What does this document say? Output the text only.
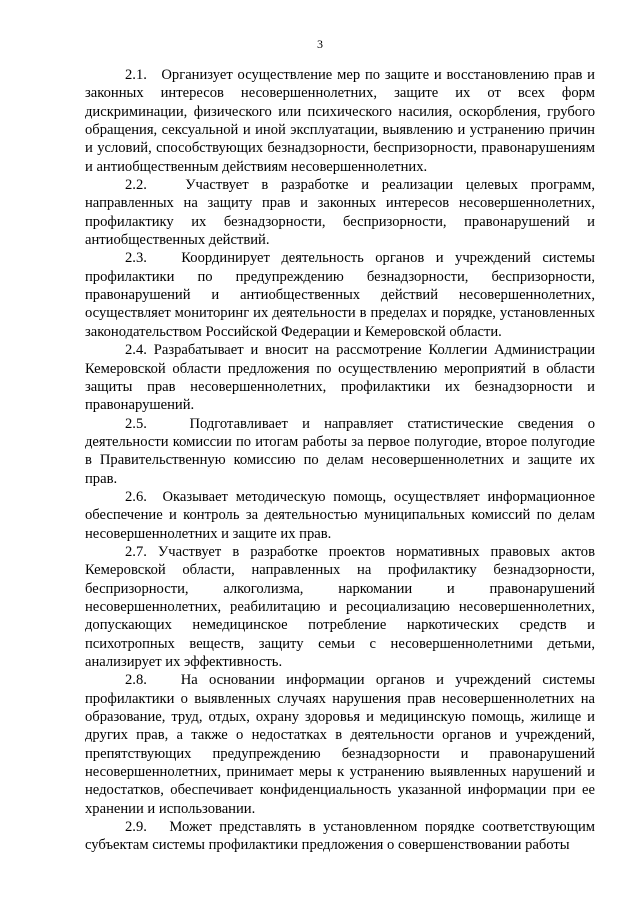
3

2.1.   Организует осуществление мер по защите и восстановлению прав и законных интересов несовершеннолетних, защите их от всех форм дискриминации, физического или психического насилия, оскорбления, грубого обращения, сексуальной и иной эксплуатации, выявлению и устранению причин и условий, способствующих безнадзорности, беспризорности, правонарушениям и антиобщественным действиям несовершеннолетних.

2.2.   Участвует в разработке и реализации целевых программ, направленных на защиту прав и законных интересов несовершеннолетних, профилактику их безнадзорности, беспризорности, правонарушений и антиобщественных действий.

2.3.   Координирует деятельность органов и учреждений системы профилактики по предупреждению безнадзорности, беспризорности, правонарушений и антиобщественных действий несовершеннолетних, осуществляет мониторинг их деятельности в пределах и порядке, установленных законодательством Российской Федерации и Кемеровской области.

2.4. Разрабатывает и вносит на рассмотрение Коллегии Администрации Кемеровской области предложения по осуществлению мероприятий в области защиты прав несовершеннолетних, профилактики их безнадзорности и правонарушений.

2.5.   Подготавливает и направляет статистические сведения о деятельности комиссии по итогам работы за первое полугодие, второе полугодие в Правительственную комиссию по делам несовершеннолетних и защите их прав.

2.6.  Оказывает методическую помощь, осуществляет информационное обеспечение и контроль за деятельностью муниципальных комиссий по делам несовершеннолетних и защите их прав.

2.7. Участвует в разработке проектов нормативных правовых актов Кемеровской области, направленных на профилактику безнадзорности, беспризорности, алкоголизма, наркомании и правонарушений несовершеннолетних, реабилитацию и ресоциализацию несовершеннолетних, допускающих немедицинское потребление наркотических средств и психотропных веществ, защиту семьи с несовершеннолетними детьми, анализирует их эффективность.

2.8.   На основании информации органов и учреждений системы профилактики о выявленных случаях нарушения прав несовершеннолетних на образование, труд, отдых, охрану здоровья и медицинскую помощь, жилище и других прав, а также о недостатках в деятельности органов и учреждений, препятствующих предупреждению безнадзорности и правонарушений несовершеннолетних, принимает меры к устранению выявленных нарушений и недостатков, обеспечивает конфиденциальность указанной информации при ее хранении и использовании.

2.9.   Может представлять в установленном порядке соответствующим субъектам системы профилактики предложения о совершенствовании работы
